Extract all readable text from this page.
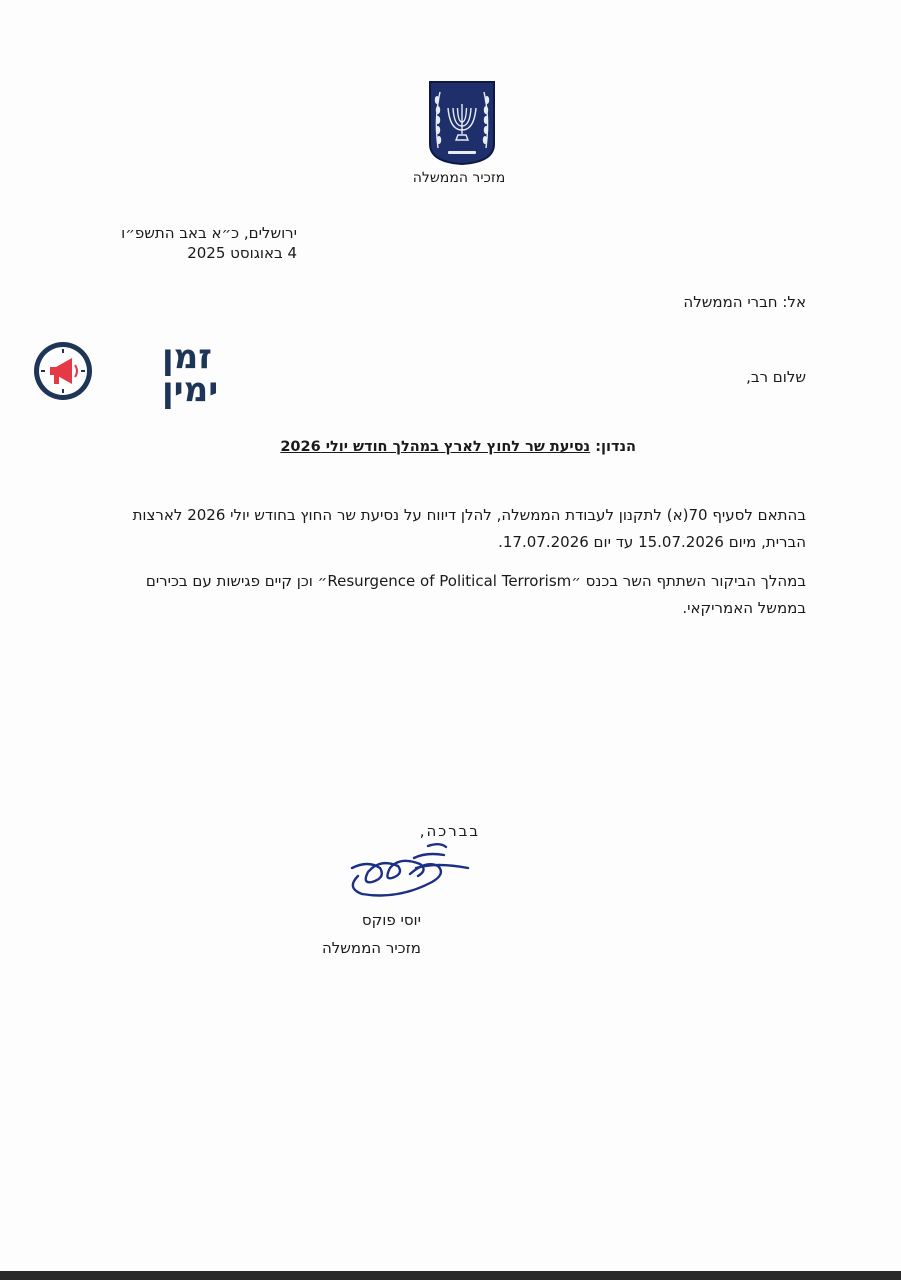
מזכיר הממשלה
ירושלים, כ״א באב התשפ״ו
4 באוגוסט 2025
אל: חברי הממשלה
זמן
ימין	שלום רב,
הנדון: נסיעת שר לחוץ לארץ במהלך חודש יולי 2026
בהתאם לסעיף 70(א) לתקנון לעבודת הממשלה, להלן דיווח על נסיעת שר החוץ בחודש יולי 2026 לארצות
הברית, מיום 15.07.2026 עד יום 17.07.2026.
במהלך הביקור השתתף השר בכנס ״Resurgence of Political Terrorism״ וכן קיים פגישות עם בכירים
בממשל האמריקאי.
בברכה,
יוסי פוקס
מזכיר הממשלה
